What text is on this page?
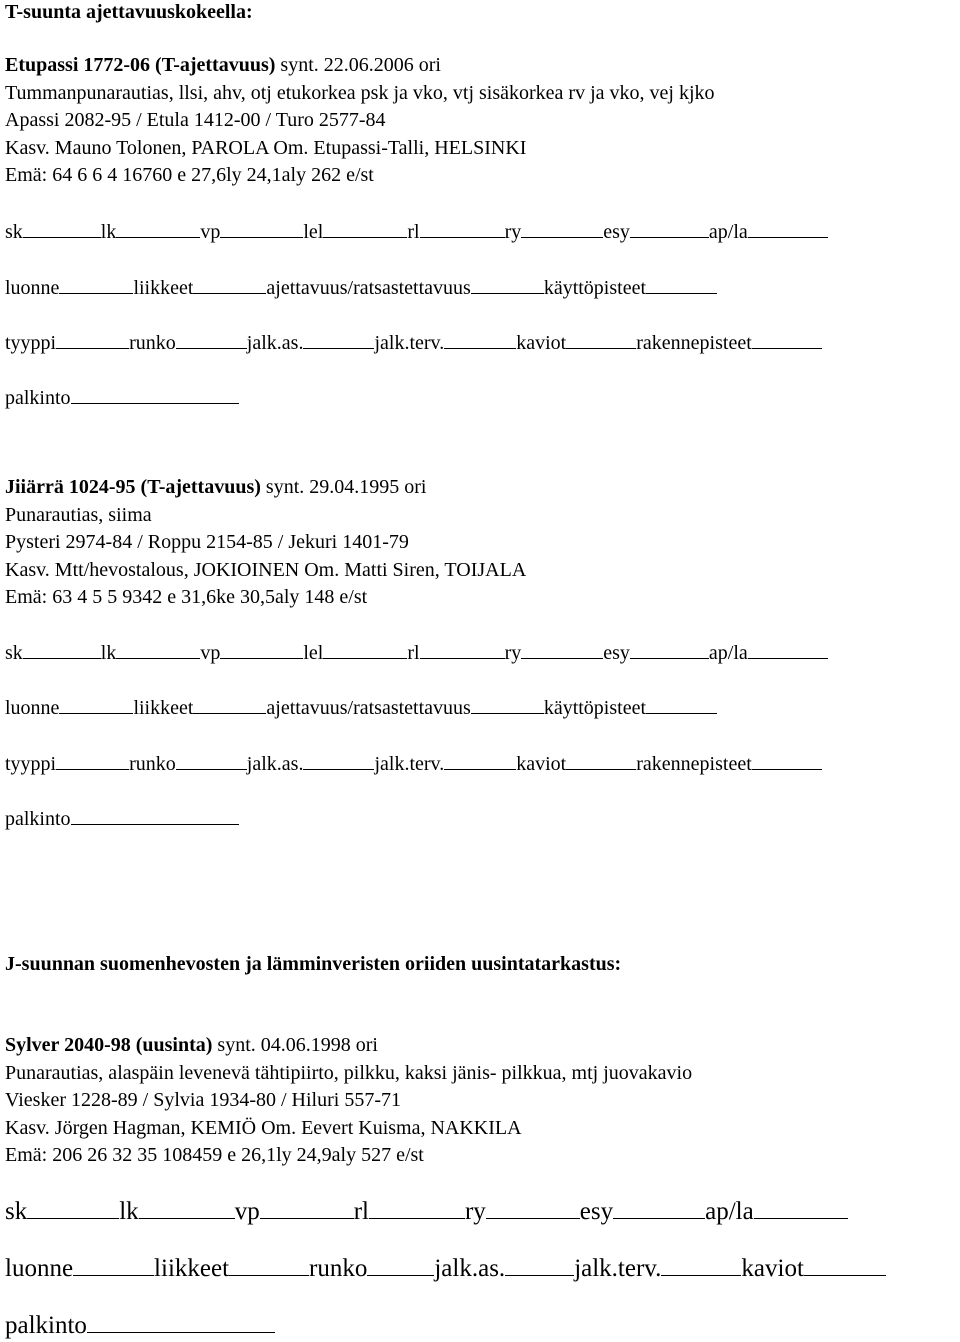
T-suunta ajettavuuskokeella:
Etupassi 1772-06 (T-ajettavuus) synt. 22.06.2006 ori
Tummanpunarautias, llsi, ahv, otj etukorkea psk ja vko, vtj sisäkorkea rv ja vko, vej kjko
Apassi 2082-95 / Etula 1412-00 / Turo 2577-84
Kasv. Mauno Tolonen, PAROLA Om. Etupassi-Talli, HELSINKI
Emä: 64 6 6 4 16760 e 27,6ly 24,1aly 262 e/st
sk	lk	vp	lel	rl	ry	esy	ap/la
luonne	liikkeet	ajettavuus/ratsastettavuus	käyttöpisteet
tyyppi	runko	jalk.as.	jalk.terv.	kaviot	rakennepisteet
palkinto
Jiiärrä 1024-95 (T-ajettavuus) synt. 29.04.1995 ori
Punarautias, siima
Pysteri 2974-84 / Roppu 2154-85 / Jekuri 1401-79
Kasv. Mtt/hevostalous, JOKIOINEN Om. Matti Siren, TOIJALA
Emä: 63 4 5 5 9342 e 31,6ke 30,5aly 148 e/st
sk	lk	vp	lel	rl	ry	esy	ap/la
luonne	liikkeet	ajettavuus/ratsastettavuus	käyttöpisteet
tyyppi	runko	jalk.as.	jalk.terv.	kaviot	rakennepisteet
palkinto
J-suunnan suomenhevosten ja lämminveristen oriiden uusintatarkastus:
Sylver 2040-98 (uusinta) synt. 04.06.1998 ori
Punarautias, alaspäin levenevä tähtipiirto, pilkku, kaksi jänis- pilkkua, mtj juovakavio
Viesker 1228-89 / Sylvia 1934-80 / Hiluri 557-71
Kasv. Jörgen Hagman, KEMIÖ Om. Eevert Kuisma, NAKKILA
Emä: 206 26 32 35 108459 e 26,1ly 24,9aly 527 e/st
sk	lk	vp	rl	ry	esy	ap/la
luonne	liikkeet	runko	jalk.as.	jalk.terv.	kaviot
palkinto
